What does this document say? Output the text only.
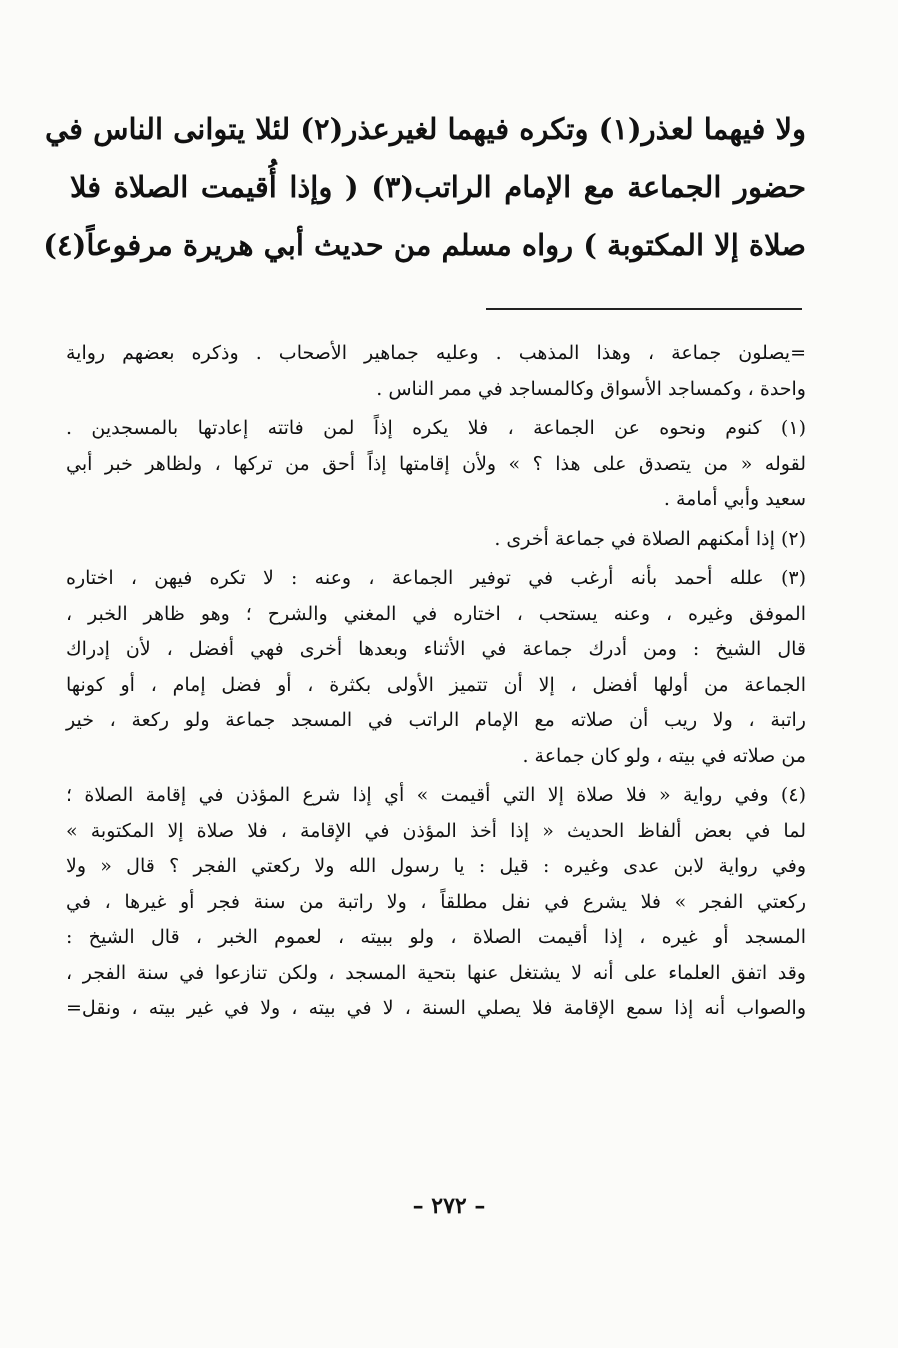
ولا فيهما لعذر(١) وتكره فيهما لغيرعذر(٢) لئلا يتوانى الناس في
حضور الجماعة مع الإمام الراتب(٣) ( وإذا أُقيمت الصلاة فلا
صلاة إلا المكتوبة ) رواه مسلم من حديث أبي هريرة مرفوعاً(٤)
=يصلون جماعة ، وهذا المذهب . وعليه جماهير الأصحاب . وذكره بعضهم رواية
واحدة ، وكمساجد الأسواق وكالمساجد في ممر الناس .
(١) كنوم ونحوه عن الجماعة ، فلا يكره إذاً لمن فاتته إعادتها بالمسجدين .
لقوله « من يتصدق على هذا ؟ » ولأن إقامتها إذاً أحق من تركها ، ولظاهر خبر أبي
سعيد وأبي أمامة .
(٢) إذا أمكنهم الصلاة في جماعة أخرى .
(٣) علله أحمد بأنه أرغب في توفير الجماعة ، وعنه : لا تكره فيهن ، اختاره
الموفق وغيره ، وعنه يستحب ، اختاره في المغني والشرح ؛ وهو ظاهر الخبر ،
قال الشيخ : ومن أدرك جماعة في الأثناء وبعدها أخرى فهي أفضل ، لأن إدراك
الجماعة من أولها أفضل ، إلا أن تتميز الأولى بكثرة ، أو فضل إمام ، أو كونها
راتبة ، ولا ريب أن صلاته مع الإمام الراتب في المسجد جماعة ولو ركعة ، خير
من صلاته في بيته ، ولو كان جماعة .
(٤) وفي رواية « فلا صلاة إلا التي أقيمت » أي إذا شرع المؤذن في إقامة الصلاة ؛
لما في بعض ألفاظ الحديث « إذا أخذ المؤذن في الإقامة ، فلا صلاة إلا المكتوبة »
وفي رواية لابن عدى وغيره : قيل : يا رسول الله ولا ركعتي الفجر ؟ قال « ولا
ركعتي الفجر » فلا يشرع في نفل مطلقاً ، ولا راتبة من سنة فجر أو غيرها ، في
المسجد أو غيره ، إذا أقيمت الصلاة ، ولو ببيته ، لعموم الخبر ، قال الشيخ :
وقد اتفق العلماء على أنه لا يشتغل عنها بتحية المسجد ، ولكن تنازعوا في سنة الفجر ،
والصواب أنه إذا سمع الإقامة فلا يصلي السنة ، لا في بيته ، ولا في غير بيته ، ونقل=
– ٢٧٢ –
